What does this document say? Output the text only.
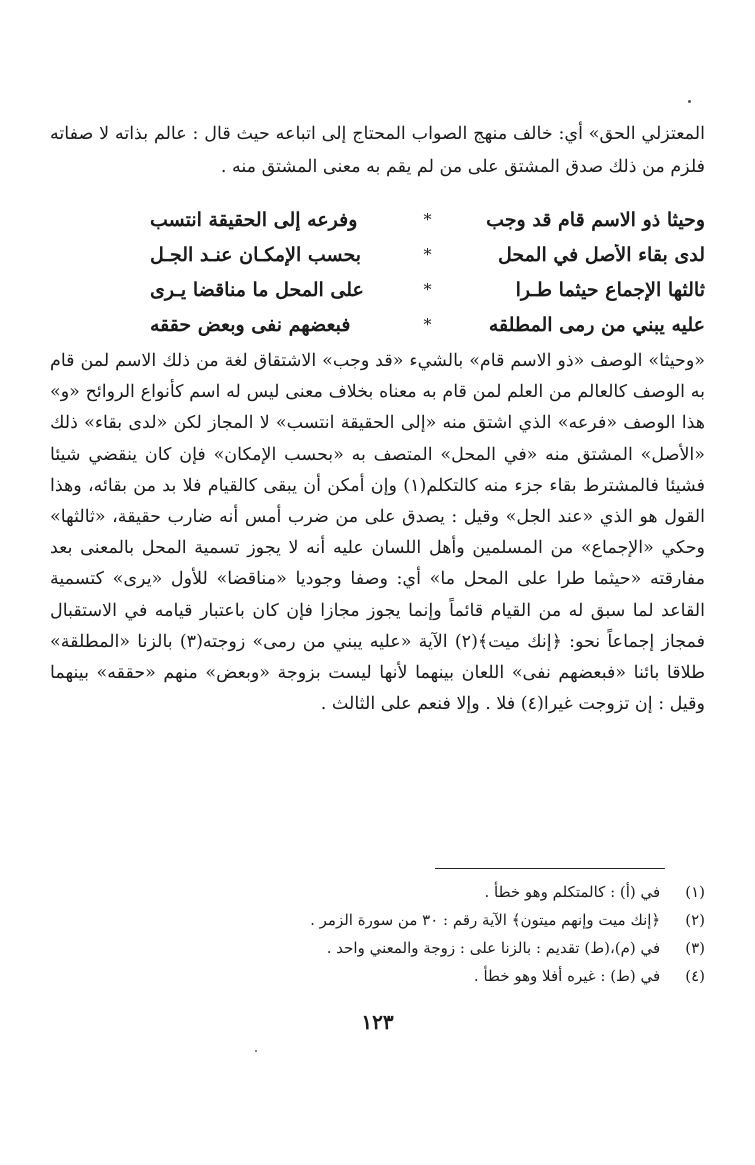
المعتزلي الحق» أي: خالف منهج الصواب المحتاج إلى اتباعه حيث قال : عالم بذاته لا صفاته فلزم من ذلك صدق المشتق على من لم يقم به معنى المشتق منه .

وحيثا ذو الاسم قام قد وجب
*
وفرعه إلى الحقيقة انتسب
لدى بقاء الأصل في المحل
*
بحسب الإمكـان عنـد الجـل
ثالثها الإجماع حيثما طـرا
*
على المحل ما مناقضا يـرى
عليه يبني من رمى المطلقه
*
فبعضهم نفى وبعض حققه

«وحيثا» الوصف «ذو الاسم قام» بالشيء «قد وجب» الاشتقاق لغة من ذلك الاسم لمن قام به الوصف كالعالم من العلم لمن قام به معناه بخلاف معنى ليس له اسم كأنواع الروائح «و» هذا الوصف «فرعه» الذي اشتق منه «إلى الحقيقة انتسب» لا المجاز لكن «لدى بقاء» ذلك «الأصل» المشتق منه «في المحل» المتصف به «بحسب الإمكان» فإن كان ينقضي شيئا فشيئا فالمشترط بقاء جزء منه كالتكلم(١) وإن أمكن أن يبقى كالقيام فلا بد من بقائه، وهذا القول هو الذي «عند الجل» وقيل : يصدق على من ضرب أمس أنه ضارب حقيقة، «ثالثها» وحكي «الإجماع» من المسلمين وأهل اللسان عليه أنه لا يجوز تسمية المحل بالمعنى بعد مفارقته «حيثما طرا على المحل ما» أي: وصفا وجوديا «مناقضا» للأول «يرى» كتسمية القاعد لما سبق له من القيام قائماً وإنما يجوز مجازا فإن كان باعتبار قيامه في الاستقبال فمجاز إجماعاً نحو: ﴿إنك ميت﴾(٢) الآية «عليه يبني من رمى» زوجته(٣) بالزنا «المطلقة» طلاقا بائنا «فبعضهم نفى» اللعان بينهما لأنها ليست بزوجة «وبعض» منهم «حققه» بينهما وقيل : إن تزوجت غيرا(٤) فلا . وإلا فنعم على الثالث .

(١) في (أ) : كالمتكلم وهو خطأ .
(٢) ﴿إنك ميت وإنهم ميتون﴾ الآية رقم : ٣٠ من سورة الزمر .
(٣) في (م)،(ط) تقديم : بالزنا على : زوجة والمعني واحد .
(٤) في (ط) : غيره أفلا وهو خطأ .
١٢٣
